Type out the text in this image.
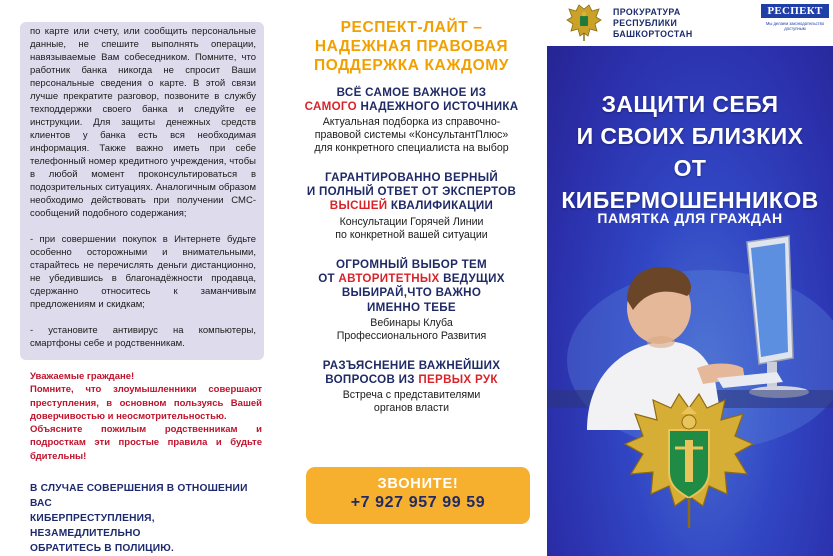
по карте или счету, или сообщить персональные данные, не спешите выполнять операции, навязываемые Вам собеседником. Помните, что работник банка никогда не спросит Ваши персональные сведения о карте. В этой связи лучше прекратите разговор, позвоните в службу техподдержки своего банка и следуйте ее инструкции. Для защиты денежных средств клиентов у банка есть вся необходимая информация. Также важно иметь при себе телефонный номер кредитного учреждения, чтобы в любой момент проконсультироваться в подозрительных ситуациях. Аналогичным образом необходимо действовать при получении СМС-сообщений подобного содержания;

- при совершении покупок в Интернете будьте особенно осторожными и внимательными, старайтесь не перечислять деньги дистанционно, не убедившись в благонадёжности продавца, сдержанно относитесь к заманчивым предложениям и скидкам;

- установите антивирус на компьютеры, смартфоны себе и родственникам.

Уважаемые граждане!
Помните, что злоумышленники совершают преступления, в основном пользуясь Вашей доверчивостью и неосмотрительностью.
Объясните пожилым родственникам и подросткам эти простые правила и будьте бдительны!
В СЛУЧАЕ СОВЕРШЕНИЯ В ОТНОШЕНИИ ВАС
КИБЕРПРЕСТУПЛЕНИЯ, НЕЗАМЕДЛИТЕЛЬНО
ОБРАТИТЕСЬ В ПОЛИЦИЮ.
РЕСПЕКТ-ЛАЙТ –
НАДЕЖНАЯ ПРАВОВАЯ
ПОДДЕРЖКА КАЖДОМУ
ВСЁ САМОЕ ВАЖНОЕ ИЗ
САМОГО НАДЕЖНОГО ИСТОЧНИКА
Актуальная подборка из справочно-
правовой системы «КонсультантПлюс»
для конкретного специалиста на выбор
ГАРАНТИРОВАННО ВЕРНЫЙ
И ПОЛНЫЙ ОТВЕТ ОТ ЭКСПЕРТОВ
ВЫСШЕЙ КВАЛИФИКАЦИИ
Консультации Горячей Линии
по конкретной вашей ситуации
ОГРОМНЫЙ ВЫБОР ТЕМ
ОТ АВТОРИТЕТНЫХ ВЕДУЩИХ
ВЫБИРАЙ,ЧТО ВАЖНО
ИМЕННО ТЕБЕ
Вебинары Клуба
Профессионального Развития
РАЗЪЯСНЕНИЕ ВАЖНЕЙШИХ
ВОПРОСОВ ИЗ ПЕРВЫХ РУК
Встреча с представителями
органов власти
ЗВОНИТЕ!
+7 927 957 99 59
ПРОКУРАТУРА
РЕСПУБЛИКИ
БАШКОРТОСТАН
РЕСПЕКТ
Мы делаем законодательство доступным
ЗАЩИТИ СЕБЯ
И СВОИХ БЛИЗКИХ
ОТ КИБЕРМОШЕННИКОВ
ПАМЯТКА ДЛЯ ГРАЖДАН
